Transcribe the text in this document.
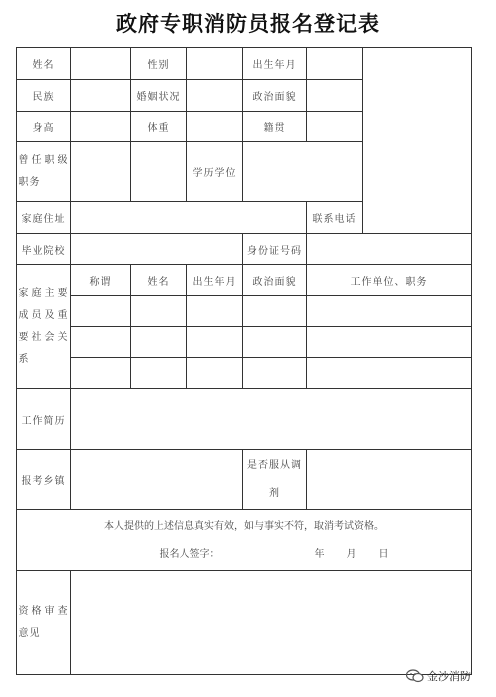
政府专职消防员报名登记表
姓名		性别		出生年月		
民族		婚姻状况		政治面貌		
身高		体重		籍贯		

曾任职级职务			学历学位			
家庭住址					联系电话	
毕业院校				身份证号码		

家庭主要成员及重要社会关系	称谓	姓名	出生年月	政治面貌	工作单位、职务	

工作简历						
报考乡镇				是否服从调剂		

本人提供的上述信息真实有效，如与事实不符，取消考试资格。
报名人签字： 年 月 日						

资格审查意见						

金沙消防
